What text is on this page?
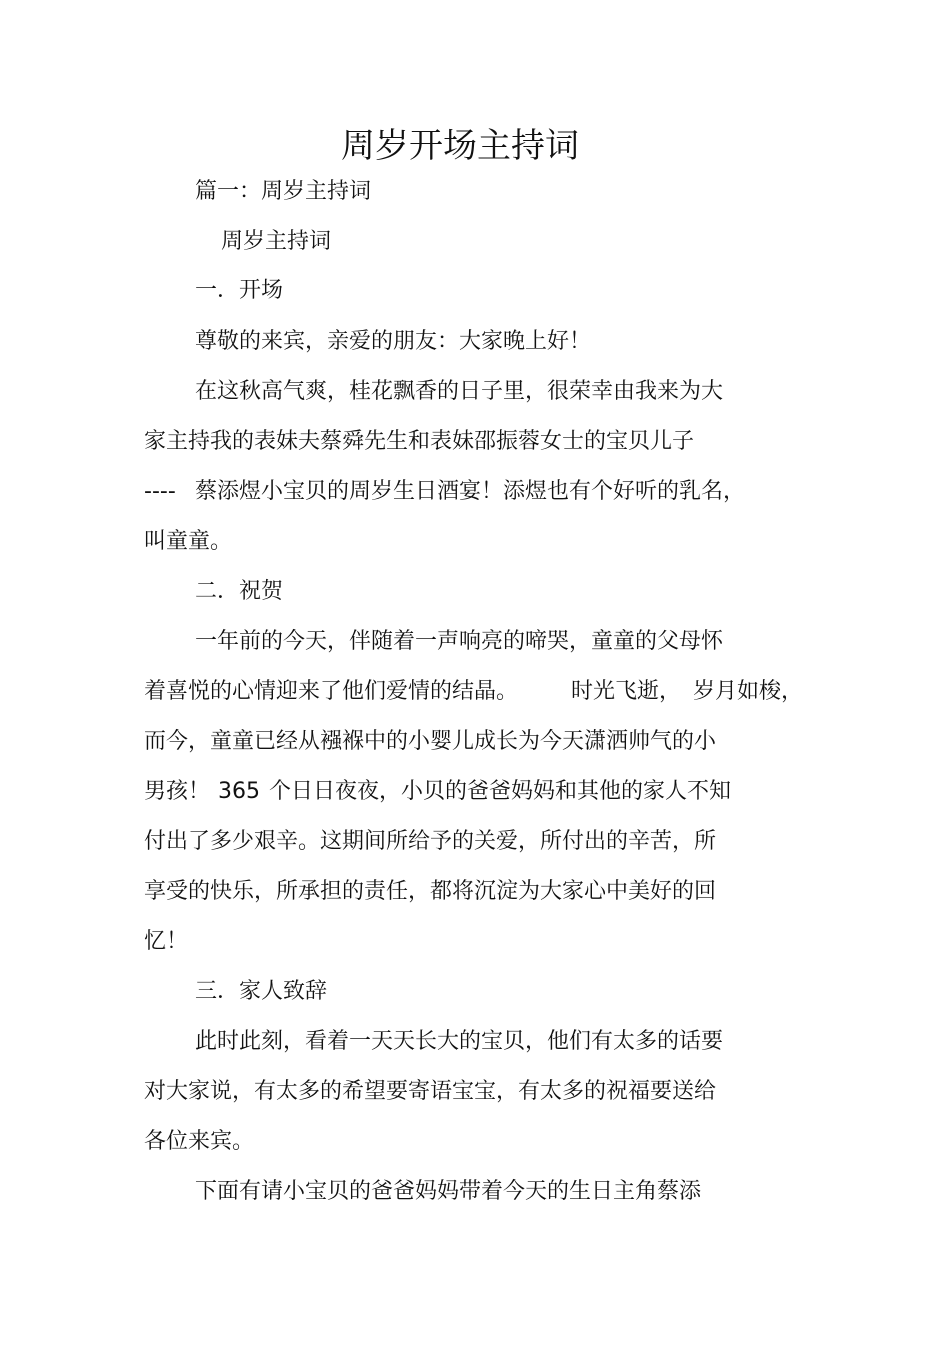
周岁开场主持词
篇一：周岁主持词
周岁主持词
一．开场
尊敬的来宾，亲爱的朋友：大家晚上好！
在这秋高气爽，桂花飘香的日子里，很荣幸由我来为大
家主持我的表妹夫蔡舜先生和表妹邵振蓉女士的宝贝儿子
---- 蔡添煜小宝贝的周岁生日酒宴！添煜也有个好听的乳名，
叫童童。
二．祝贺
一年前的今天，伴随着一声响亮的啼哭，童童的父母怀
着喜悦的心情迎来了他们爱情的结晶。 时光飞逝， 岁月如梭，
而今，童童已经从襁褓中的小婴儿成长为今天潇洒帅气的小
男孩！ 365 个日日夜夜，小贝的爸爸妈妈和其他的家人不知
付出了多少艰辛。这期间所给予的关爱，所付出的辛苦，所
享受的快乐，所承担的责任，都将沉淀为大家心中美好的回
忆！
三．家人致辞
此时此刻，看着一天天长大的宝贝，他们有太多的话要
对大家说，有太多的希望要寄语宝宝，有太多的祝福要送给
各位来宾。
下面有请小宝贝的爸爸妈妈带着今天的生日主角蔡添
